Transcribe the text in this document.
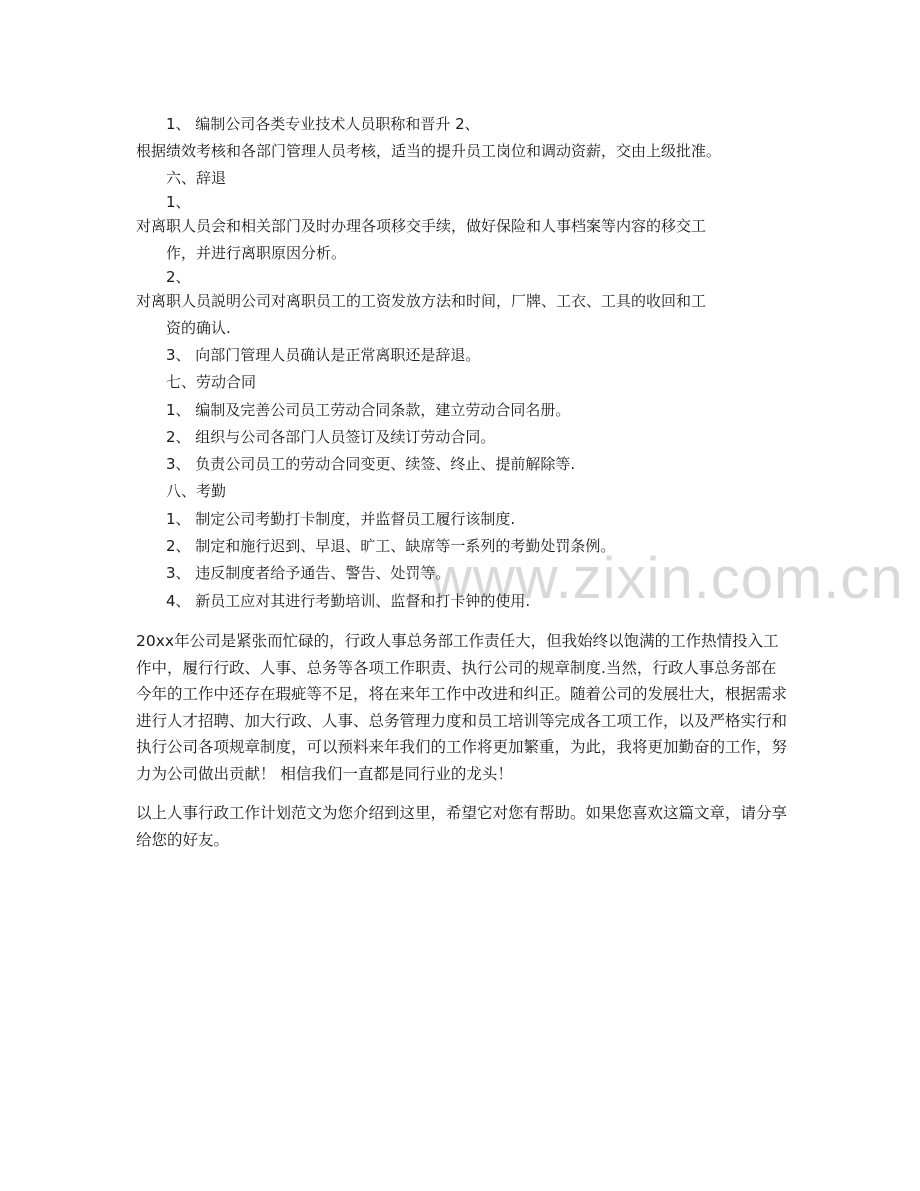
www.zixin.com.cn
1、 编制公司各类专业技术人员职称和晋升 2、
根据绩效考核和各部门管理人员考核，适当的提升员工岗位和调动资薪，交由上级批准。
六、辞退
1、
对离职人员会和相关部门及时办理各项移交手续，做好保险和人事档案等内容的移交工
作，并进行离职原因分析。
2、
对离职人员説明公司对离职员工的工资发放方法和时间，厂牌、工衣、工具的收回和工
资的确认.
3、 向部门管理人员确认是正常离职还是辞退。
七、劳动合同
1、 编制及完善公司员工劳动合同条款，建立劳动合同名册。
2、 组织与公司各部门人员签订及续订劳动合同。
3、 负责公司员工的劳动合同变更、续签、终止、提前解除等.
八、考勤
1、 制定公司考勤打卡制度，并监督员工履行该制度.
2、 制定和施行迟到、早退、旷工、缺席等一系列的考勤处罚条例。
3、 违反制度者给予通告、警告、处罚等。
4、 新员工应对其进行考勤培训、监督和打卡钟的使用.

20xx年公司是紧张而忙碌的，行政人事总务部工作责任大，但我始终以饱满的工作热情投入工作中，履行行政、人事、总务等各项工作职责、执行公司的规章制度.当然，行政人事总务部在今年的工作中还存在瑕疵等不足，将在来年工作中改进和纠正。随着公司的发展壮大，根据需求进行人才招聘、加大行政、人事、总务管理力度和员工培训等完成各工项工作，以及严格实行和执行公司各项规章制度，可以预料来年我们的工作将更加繁重，为此，我将更加勤奋的工作，努力为公司做出贡献！ 相信我们一直都是同行业的龙头！

以上人事行政工作计划范文为您介绍到这里，希望它对您有帮助。如果您喜欢这篇文章，请分享给您的好友。
